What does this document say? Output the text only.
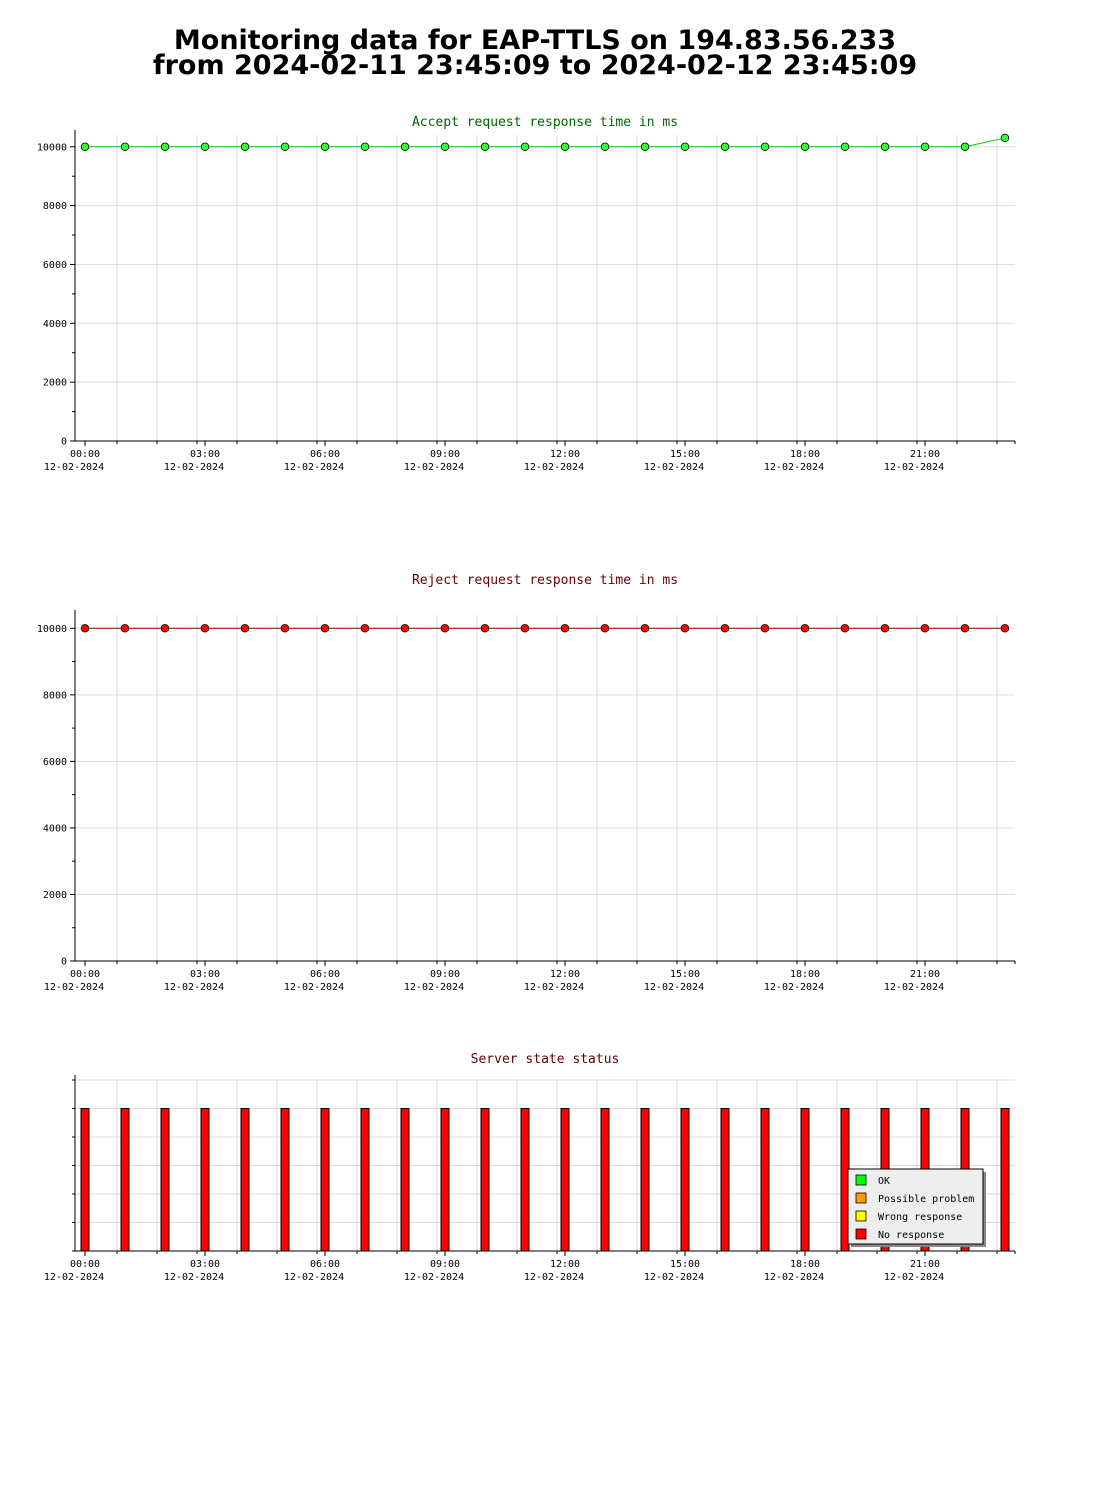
Monitoring data for EAP-TTLS on 194.83.56.233
from 2024-02-11 23:45:09 to 2024-02-12 23:45:09
Accept request response time in ms
0
2000
4000
6000
8000
10000
00:00
12-02-2024
03:00
12-02-2024
06:00
12-02-2024
09:00
12-02-2024
12:00
12-02-2024
15:00
12-02-2024
18:00
12-02-2024
21:00
12-02-2024
Reject request response time in ms
0
2000
4000
6000
8000
10000
00:00
12-02-2024
03:00
12-02-2024
06:00
12-02-2024
09:00
12-02-2024
12:00
12-02-2024
15:00
12-02-2024
18:00
12-02-2024
21:00
12-02-2024
Server state status
00:00
12-02-2024
03:00
12-02-2024
06:00
12-02-2024
09:00
12-02-2024
12:00
12-02-2024
15:00
12-02-2024
18:00
12-02-2024
21:00
12-02-2024
OK
Possible problem
Wrong response
No response
